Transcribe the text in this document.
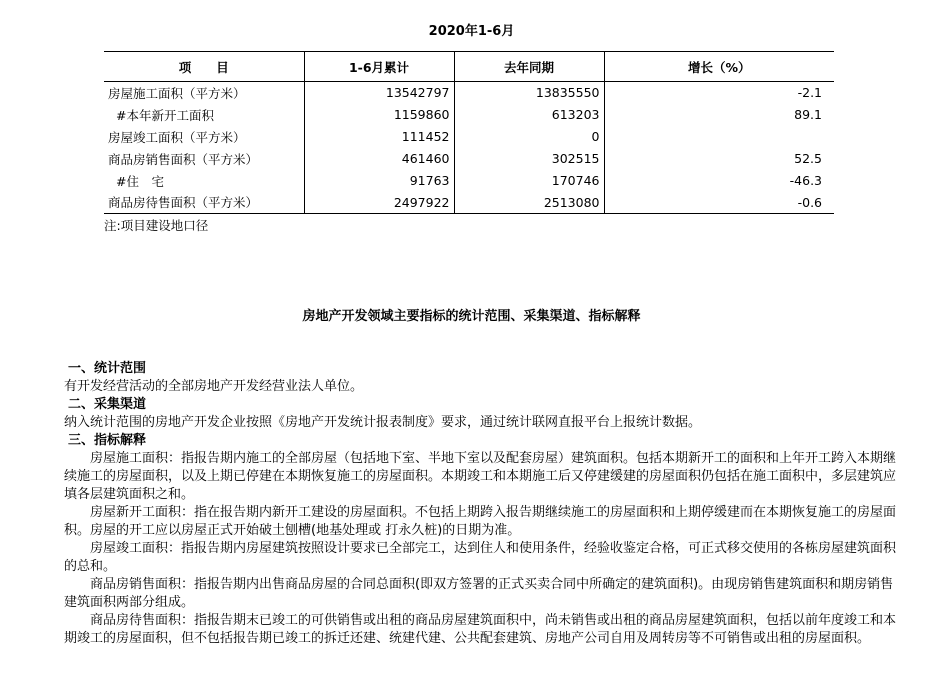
2020年1-6月
项　　目	1-6月累计	去年同期	增长（%）
房屋施工面积（平方米）	13542797	13835550	-2.1
#本年新开工面积	1159860	613203	89.1
房屋竣工面积（平方米）	111452	0	
商品房销售面积（平方米）	461460	302515	52.5
#住　宅	91763	170746	-46.3
商品房待售面积（平方米）	2497922	2513080	-0.6
注:项目建设地口径
房地产开发领域主要指标的统计范围、采集渠道、指标解释

一、统计范围

有开发经营活动的全部房地产开发经营业法人单位。

二、采集渠道

纳入统计范围的房地产开发企业按照《房地产开发统计报表制度》要求，通过统计联网直报平台上报统计数据。

三、指标解释

房屋施工面积：指报告期内施工的全部房屋（包括地下室、半地下室以及配套房屋）建筑面积。包括本期新开工的面积和上年开工跨入本期继续施工的房屋面积，以及上期已停建在本期恢复施工的房屋面积。本期竣工和本期施工后又停建缓建的房屋面积仍包括在施工面积中，多层建筑应填各层建筑面积之和。

房屋新开工面积：指在报告期内新开工建设的房屋面积。不包括上期跨入报告期继续施工的房屋面积和上期停缓建而在本期恢复施工的房屋面积。房屋的开工应以房屋正式开始破土刨槽(地基处理或 打永久桩)的日期为准。

房屋竣工面积：指报告期内房屋建筑按照设计要求已全部完工，达到住人和使用条件，经验收鉴定合格，可正式移交使用的各栋房屋建筑面积的总和。

商品房销售面积：指报告期内出售商品房屋的合同总面积(即双方签署的正式买卖合同中所确定的建筑面积)。由现房销售建筑面积和期房销售建筑面积两部分组成。

商品房待售面积：指报告期末已竣工的可供销售或出租的商品房屋建筑面积中，尚未销售或出租的商品房屋建筑面积，包括以前年度竣工和本期竣工的房屋面积，但不包括报告期已竣工的拆迁还建、统建代建、公共配套建筑、房地产公司自用及周转房等不可销售或出租的房屋面积。
